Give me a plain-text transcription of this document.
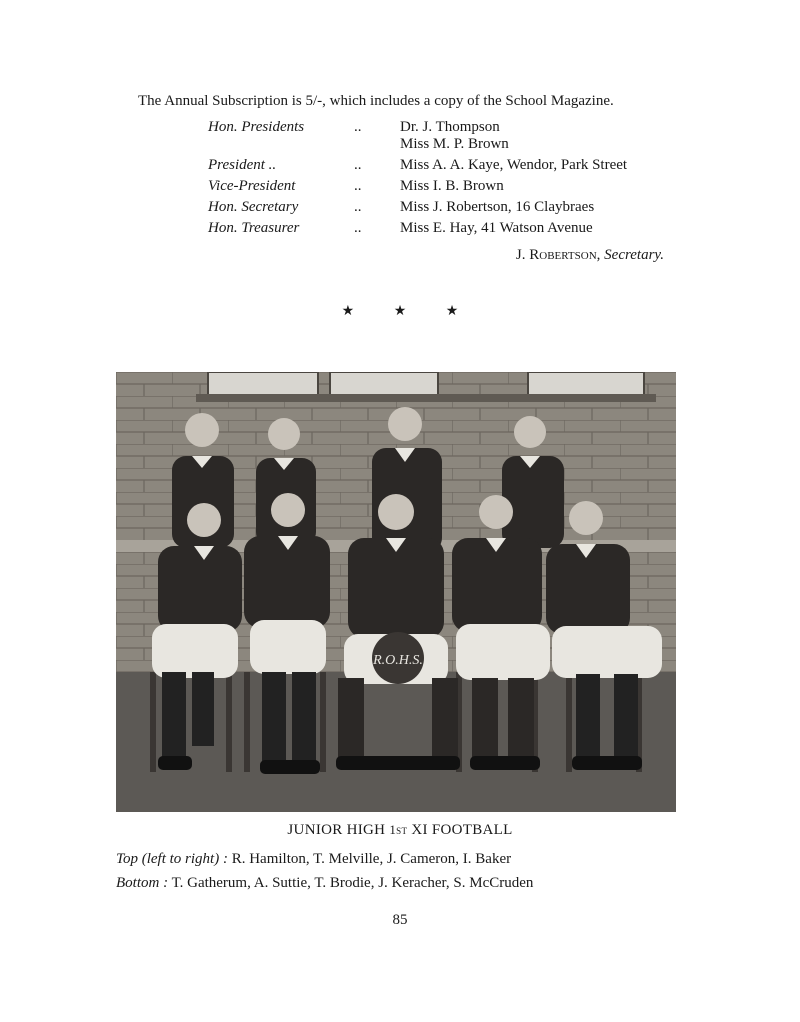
The Annual Subscription is 5/-, which includes a copy of the School Magazine.
Hon. Presidents	..	Dr. J. Thompson
Miss M. P. Brown
President ..	..	Miss A. A. Kaye, Wendor, Park Street
Vice-President	..	Miss I. B. Brown
Hon. Secretary	..	Miss J. Robertson, 16 Claybraes
Hon. Treasurer	..	Miss E. Hay, 41 Watson Avenue
J. Robertson, Secretary.
★	★	★
R.O.H.S.
JUNIOR HIGH 1st XI FOOTBALL
Top (left to right) : R. Hamilton, T. Melville, J. Cameron, I. Baker
Bottom : T. Gatherum, A. Suttie, T. Brodie, J. Keracher, S. McCruden
85
